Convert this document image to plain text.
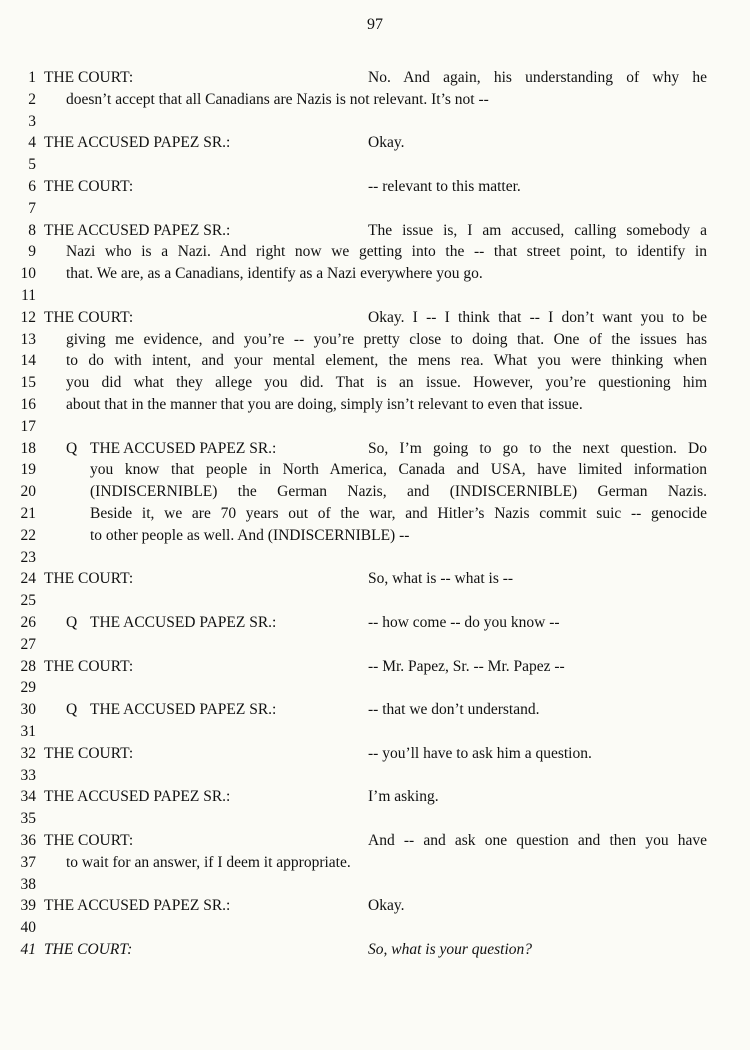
97
1 THE COURT:	No. And again, his understanding of why he
2 doesn’t accept that all Canadians are Nazis is not relevant. It’s not --
3
4 THE ACCUSED PAPEZ SR.:	Okay.
5
6 THE COURT:	-- relevant to this matter.
7
8 THE ACCUSED PAPEZ SR.:	The issue is, I am accused, calling somebody a
9 Nazi who is a Nazi. And right now we getting into the -- that street point, to identify in
10 that. We are, as a Canadians, identify as a Nazi everywhere you go.
11
12 THE COURT:	Okay. I -- I think that -- I don’t want you to be
13 giving me evidence, and you’re -- you’re pretty close to doing that. One of the issues has
14 to do with intent, and your mental element, the mens rea. What you were thinking when
15 you did what they allege you did. That is an issue. However, you’re questioning him
16 about that in the manner that you are doing, simply isn’t relevant to even that issue.
17
18 Q THE ACCUSED PAPEZ SR.:	So, I’m going to go to the next question. Do
19	you know that people in North America, Canada and USA, have limited information
20	(INDISCERNIBLE) the German Nazis, and (INDISCERNIBLE) German Nazis.
21	Beside it, we are 70 years out of the war, and Hitler’s Nazis commit suic -- genocide
22	to other people as well. And (INDISCERNIBLE) --
23
24 THE COURT:	So, what is -- what is --
25
26 Q THE ACCUSED PAPEZ SR.:	-- how come -- do you know --
27
28 THE COURT:	-- Mr. Papez, Sr. -- Mr. Papez --
29
30 Q THE ACCUSED PAPEZ SR.:	-- that we don’t understand.
31
32 THE COURT:	-- you’ll have to ask him a question.
33
34 THE ACCUSED PAPEZ SR.:	I’m asking.
35
36 THE COURT:	And -- and ask one question and then you have
37 to wait for an answer, if I deem it appropriate.
38
39 THE ACCUSED PAPEZ SR.:	Okay.
40
41 THE COURT:	So, what is your question?
